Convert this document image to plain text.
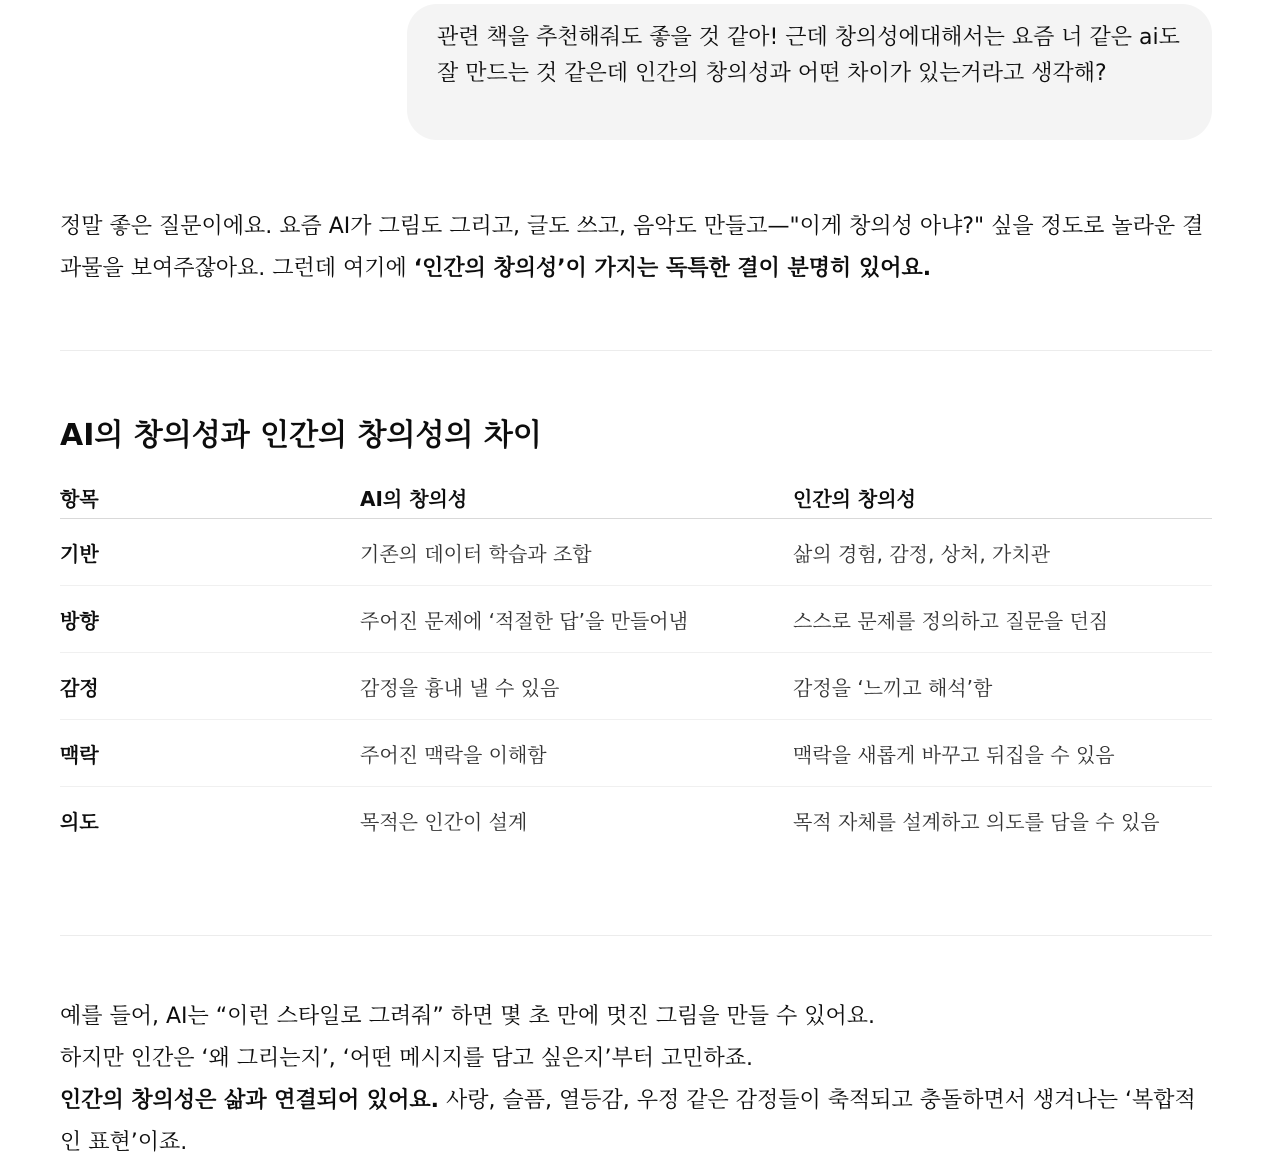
관련 책을 추천해줘도 좋을 것 같아! 근데 창의성에대해서는 요즘 너 같은 ai도 잘 만드는 것 같은데 인간의 창의성과 어떤 차이가 있는거라고 생각해?
정말 좋은 질문이에요. 요즘 AI가 그림도 그리고, 글도 쓰고, 음악도 만들고—"이게 창의성 아냐?" 싶을 정도로 놀라운 결과물을 보여주잖아요. 그런데 여기에 ‘인간의 창의성’이 가지는 독특한 결이 분명히 있어요.
AI의 창의성과 인간의 창의성의 차이
항목	AI의 창의성	인간의 창의성
기반	기존의 데이터 학습과 조합	삶의 경험, 감정, 상처, 가치관
방향	주어진 문제에 ‘적절한 답’을 만들어냄	스스로 문제를 정의하고 질문을 던짐
감정	감정을 흉내 낼 수 있음	감정을 ‘느끼고 해석’함
맥락	주어진 맥락을 이해함	맥락을 새롭게 바꾸고 뒤집을 수 있음
의도	목적은 인간이 설계	목적 자체를 설계하고 의도를 담을 수 있음

예를 들어, AI는 “이런 스타일로 그려줘” 하면 몇 초 만에 멋진 그림을 만들 수 있어요.

하지만 인간은 ‘왜 그리는지’, ‘어떤 메시지를 담고 싶은지’부터 고민하죠.

인간의 창의성은 삶과 연결되어 있어요. 사랑, 슬픔, 열등감, 우정 같은 감정들이 축적되고 충돌하면서 생겨나는 ‘복합적인 표현’이죠.
